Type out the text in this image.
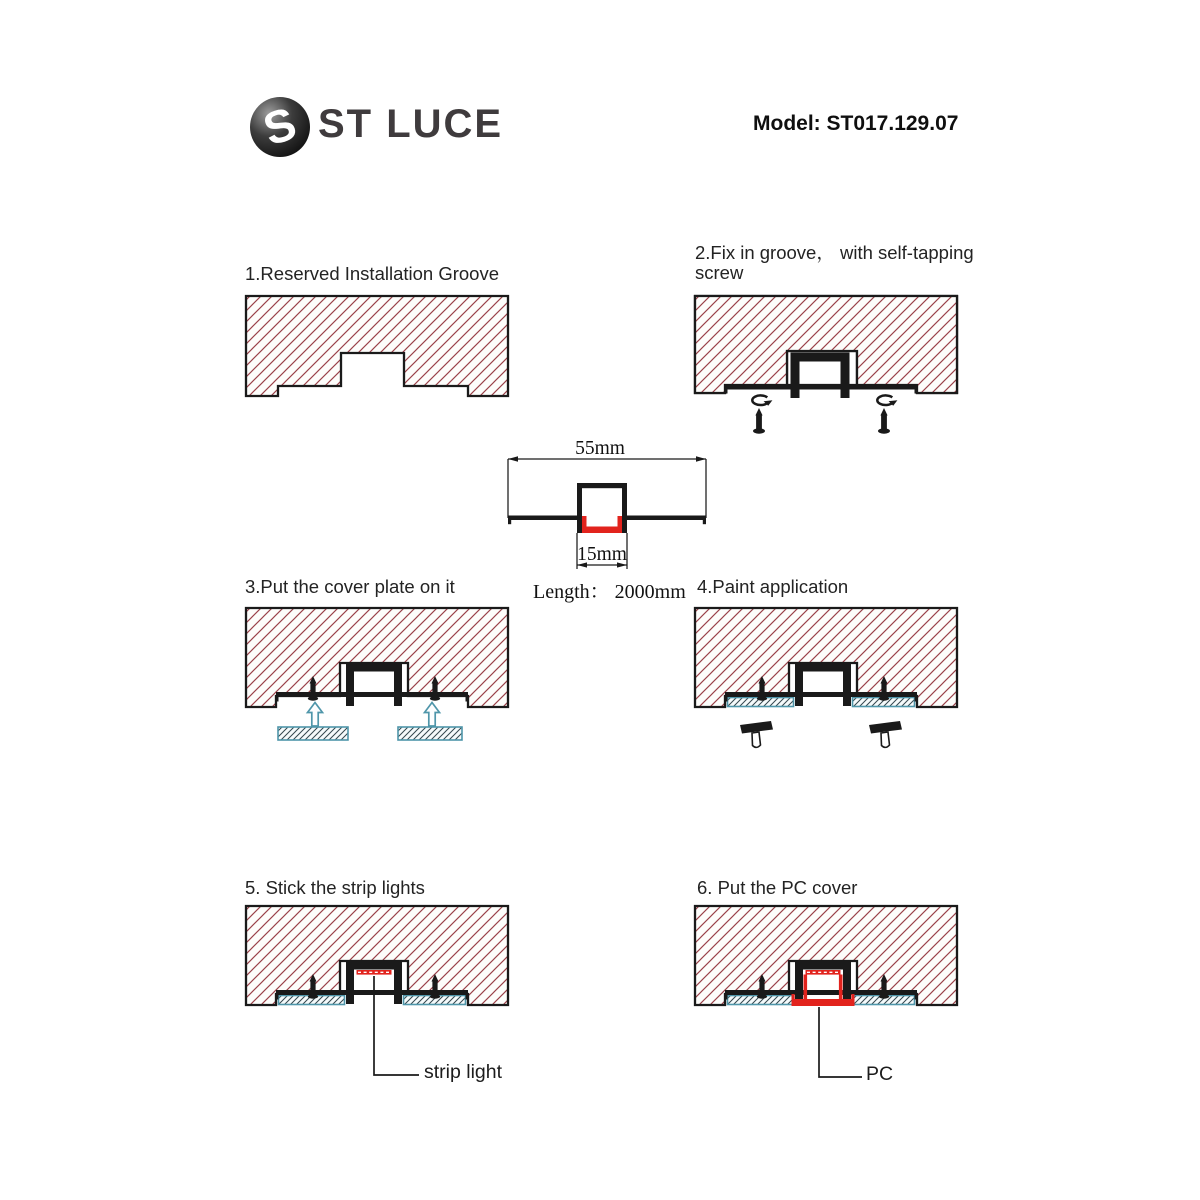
S ST LUCE	Model: ST017.129.07
1.Reserved Installation Groove
2.Fix in groove， with self-tapping screw
3.Put the cover plate on it	4.Paint application
5. Stick the strip lights	6. Put the PC cover
55mm
15mm
Length： 2000mm
strip light	PC
